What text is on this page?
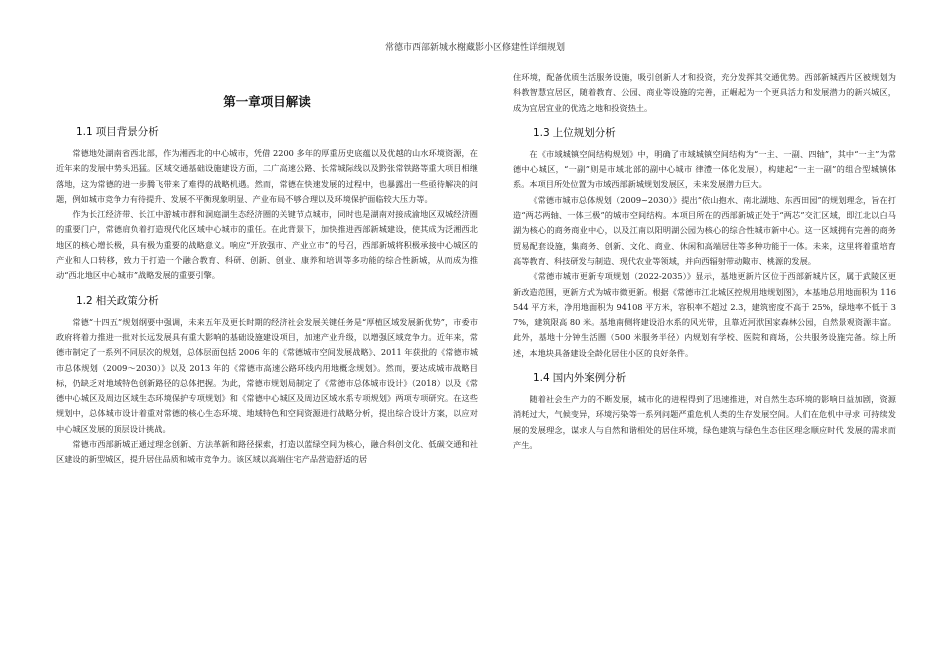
常德市西部新城水榭藏影小区修建性详细规划
第一章项目解读
1.1 项目背景分析

常德地处湖南省西北部，作为湘西北的中心城市，凭借 2200 多年的厚重历史底蕴以及优越的山水环境资源，在近年来的发展中势头迅猛。区域交通基础设施建设方面，二广高速公路、长常城际线以及黔张常铁路等重大项目相继落地，这为常德的进一步腾飞带来了难得的战略机遇。然而，常德在快速发展的过程中，也暴露出一些亟待解决的问题，例如城市竞争力有待提升、发展不平衡现象明显、产业布局不够合理以及环境保护面临较大压力等。

作为长江经济带、长江中游城市群和洞庭湖生态经济圈的关键节点城市，同时也是湖南对接成渝地区双城经济圈的重要门户，常德肩负着打造现代化区域中心城市的重任。在此背景下，加快推进西部新城建设，使其成为泛湘西北地区的核心增长极，具有极为重要的战略意义。响应“开放强市、产业立市”的号召，西部新城将积极承接中心城区的产业和人口转移，致力于打造一个融合教育、科研、创新、创业、康养和培训等多功能的综合性新城，从而成为推动“西北地区中心城市”战略发展的重要引擎。

1.2 相关政策分析

常德“十四五”规划纲要中强调，未来五年及更长时期的经济社会发展关键任务是“厚植区域发展新优势”，市委市政府将着力推进一批对长远发展具有重大影响的基础设施建设项目，加速产业升级，以增强区域竞争力。近年来，常德市制定了一系列不同层次的规划，总体层面包括 2006 年的《常德城市空间发展战略》、2011 年获批的《常德市城市总体规划（2009～2030）》以及 2013 年的《常德市高速公路环线内用地概念规划》。然而，要达成城市战略目标，仍缺乏对地域特色创新路径的总体把握。为此，常德市规划局制定了《常德市总体城市设计》（2018）以及《常德中心城区及周边区域生态环境保护专项规划》和《常德中心城区及周边区域水系专项规划》两项专项研究。在这些规划中，总体城市设计着重对常德的核心生态环境、地域特色和空间资源进行战略分析，提出综合设计方案，以应对中心城区发展的顶层设计挑战。

常德市西部新城正通过理念创新、方法革新和路径探索，打造以蓝绿空间为核心，融合科创文化、低碳交通和社区建设的新型城区，提升居住品质和城市竞争力。该区域以高端住宅产品营造舒适的居

住环境，配备优质生活服务设施，吸引创新人才和投资，充分发挥其交通优势。西部新城西片区被规划为科教智慧宜居区，随着教育、公园、商业等设施的完善，正崛起为一个更具活力和发展潜力的新兴城区，成为宜居宜业的优选之地和投资热土。

1.3 上位规划分析

在《市域城镇空间结构规划》中，明确了市域城镇空间结构为“一主、一副、四轴”，其中“一主”为常德中心城区，“一副”则是市域北部的副中心城市 律澧一体化发展），构建起“一主一副”的组合型城镇体系。本项目所处位置为市域西部新城规划发展区，未来发展潜力巨大。

《常德市城市总体规划（2009~2030）》提出“依山抱水、南北湖地、东西田园”的规划理念，旨在打造“两芯两轴、一体三极”的城市空间结构。本项目所在的西部新城正处于“两芯”交汇区域，即江北以白马湖为核心的商务商业中心，以及江南以阳明湖公园为核心的综合性城市新中心。这一区域拥有完善的商务贸易配套设施，集商务、创新、文化、商业、休闲和高端居住等多种功能于一体。未来，这里将着重培育高等教育、科技研发与制造、现代农业等领域，并向西辐射带动陬市、桃源的发展。

《常德市城市更新专项规划（2022-2035）》显示，基地更新片区位于西部新城片区，属于武陵区更新改造范围，更新方式为城市微更新。根据《常德市江北城区控规用地规划图》，本基地总用地面积为 116544 平方米，净用地面积为 94108 平方米，容积率不超过 2.3，建筑密度不高于 25%，绿地率不低于 37%，建筑限高 80 米。基地南侧将建设沿水系的风光带，且靠近河洑国家森林公园，自然景观资源丰富。此外，基地十分钟生活圈（500 米服务半径）内规划有学校、医院和商场，公共服务设施完备。综上所述，本地块具备建设全龄化居住小区的良好条件。

1.4 国内外案例分析

随着社会生产力的不断发展，城市化的进程得到了迅速推进，对自然生态环境的影响日益加剧，资源消耗过大，气候变异，环境污染等一系列问题严重危机人类的生存发展空间。人们在危机中寻求 可持续发展的发展理念，谋求人与自然和谐相处的居住环境，绿色建筑与绿色生态住区理念顺应时代 发展的需求而产生。
